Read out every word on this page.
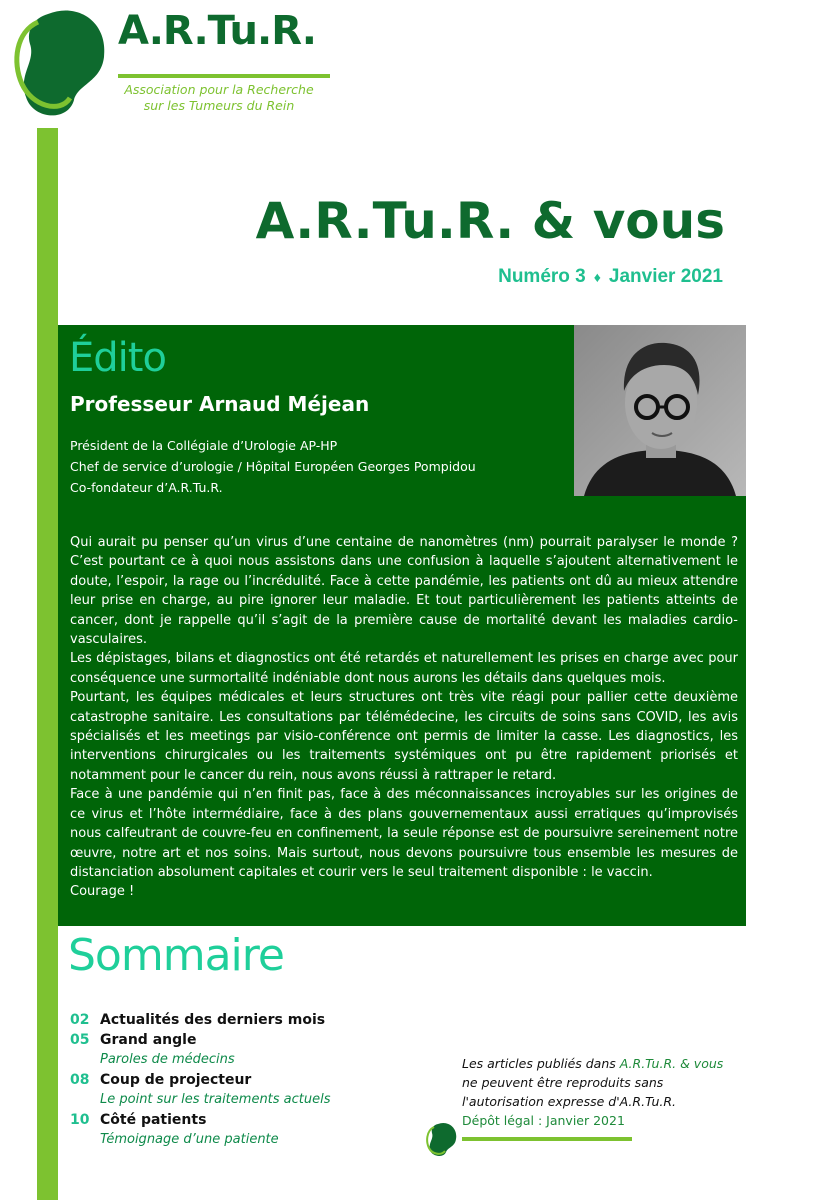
A.R.Tu.R.
Association pour la Recherche
sur les Tumeurs du Rein
A.R.Tu.R. & vous
Numéro 3 ♦ Janvier 2021
Édito
Professeur Arnaud Méjean
Président de la Collégiale d’Urologie AP-HP
Chef de service d’urologie / Hôpital Européen Georges Pompidou
Co-fondateur d’A.R.Tu.R.

Qui aurait pu penser qu’un virus d’une centaine de nanomètres (nm) pourrait paralyser le monde ? C’est pourtant ce à quoi nous assistons dans une confusion à laquelle s’ajoutent alternativement le doute, l’espoir, la rage ou l’incrédulité. Face à cette pandémie, les patients ont dû au mieux attendre leur prise en charge, au pire ignorer leur maladie. Et tout particulièrement les patients atteints de cancer, dont je rappelle qu’il s’agit de la première cause de mortalité devant les maladies cardio-vasculaires.

Les dépistages, bilans et diagnostics ont été retardés et naturellement les prises en charge avec pour conséquence une surmortalité indéniable dont nous aurons les détails dans quelques mois.

Pourtant, les équipes médicales et leurs structures ont très vite réagi pour pallier cette deuxième catastrophe sanitaire. Les consultations par télémédecine, les circuits de soins sans COVID, les avis spécialisés et les meetings par visio-conférence ont permis de limiter la casse. Les diagnostics, les interventions chirurgicales ou les traitements systémiques ont pu être rapidement priorisés et notamment pour le cancer du rein, nous avons réussi à rattraper le retard.

Face à une pandémie qui n’en finit pas, face à des méconnaissances incroyables sur les origines de ce virus et l’hôte intermédiaire, face à des plans gouvernementaux aussi erratiques qu’improvisés nous calfeutrant de couvre-feu en confinement, la seule réponse est de poursuivre sereinement notre œuvre, notre art et nos soins. Mais surtout, nous devons poursuivre tous ensemble les mesures de distanciation absolument capitales et courir vers le seul traitement disponible : le vaccin.

Courage !

Sommaire
02 Actualités des derniers mois
05 Grand angle
Paroles de médecins
08 Coup de projecteur
Le point sur les traitements actuels
10 Côté patients
Témoignage d’une patiente
Les articles publiés dans A.R.Tu.R. & vous
ne peuvent être reproduits sans
l'autorisation expresse d'A.R.Tu.R.
Dépôt légal : Janvier 2021
